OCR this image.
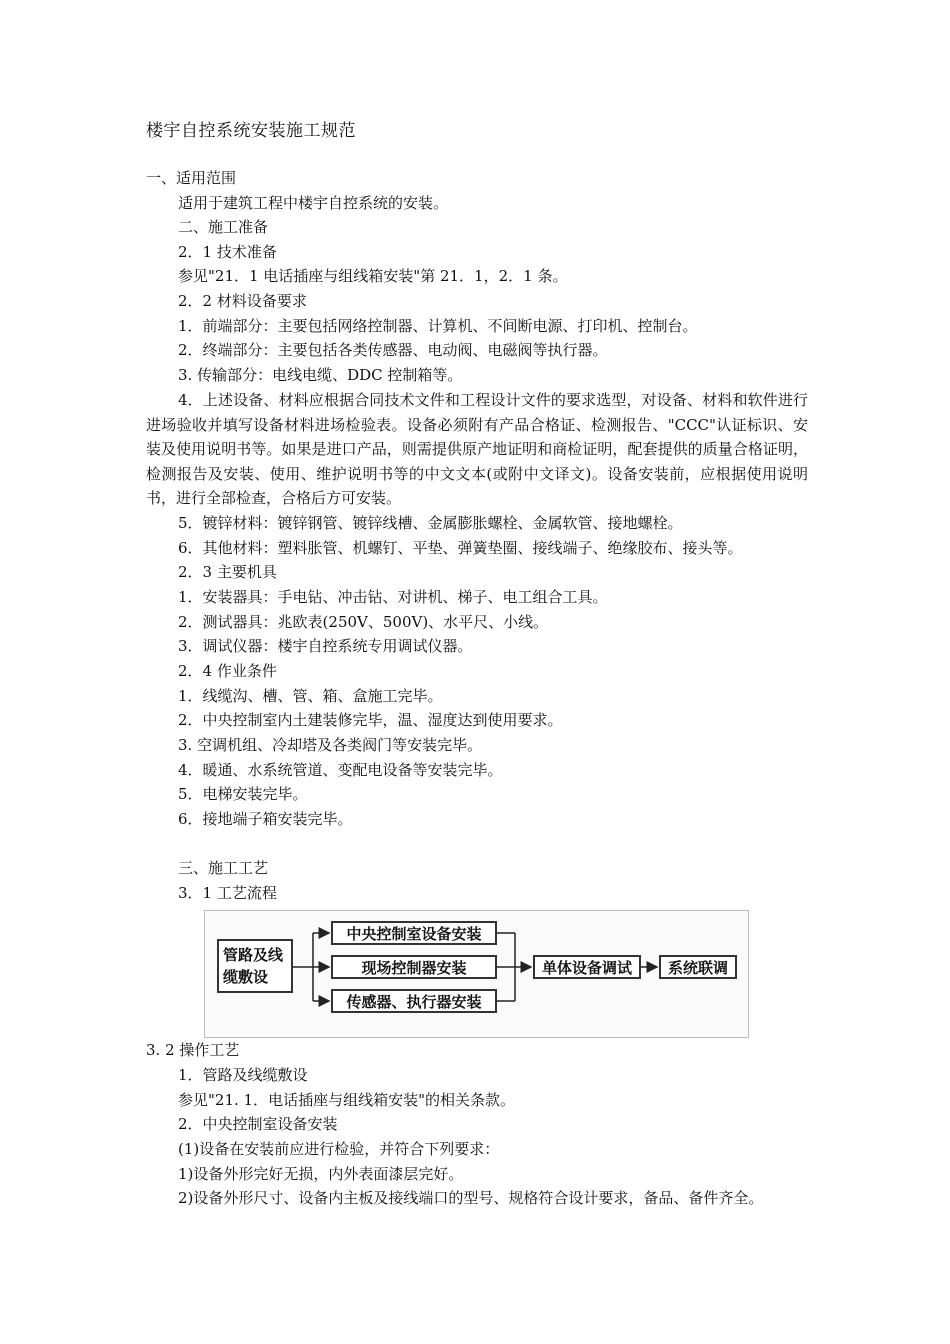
楼宇自控系统安装施工规范
一、适用范围
适用于建筑工程中楼宇自控系统的安装。
二、施工准备
2．1 技术准备
参见"21．1 电话插座与组线箱安装"第 21．1，2．1 条。
2．2 材料设备要求
1．前端部分：主要包括网络控制器、计算机、不间断电源、打印机、控制台。
2．终端部分：主要包括各类传感器、电动阀、电磁阀等执行器。
3. 传输部分：电线电缆、DDC 控制箱等。
4．上述设备、材料应根据合同技术文件和工程设计文件的要求选型，对设备、材料和软件进行进场验收并填写设备材料进场检验表。设备必须附有产品合格证、检测报告、"CCC"认证标识、安装及使用说明书等。如果是进口产品，则需提供原产地证明和商检证明，配套提供的质量合格证明，检测报告及安装、使用、维护说明书等的中文文本(或附中文译文)。设备安装前，应根据使用说明书，进行全部检查，合格后方可安装。
5．镀锌材料：镀锌钢管、镀锌线槽、金属膨胀螺栓、金属软管、接地螺栓。
6．其他材料：塑料胀管、机螺钉、平垫、弹簧垫圈、接线端子、绝缘胶布、接头等。
2．3 主要机具
1．安装器具：手电钻、冲击钻、对讲机、梯子、电工组合工具。
2．测试器具：兆欧表(250V、500V)、水平尺、小线。
3．调试仪器：楼宇自控系统专用调试仪器。
2．4 作业条件
1．线缆沟、槽、管、箱、盒施工完毕。
2．中央控制室内土建装修完毕，温、湿度达到使用要求。
3. 空调机组、冷却塔及各类阀门等安装完毕。
4．暖通、水系统管道、变配电设备等安装完毕。
5．电梯安装完毕。
6．接地端子箱安装完毕。
三、施工工艺
3．1 工艺流程
管路及线
缆敷设
中央控制室设备安装
现场控制器安装
传感器、执行器安装
单体设备调试	系统联调
3. 2 操作工艺
1．管路及线缆敷设
参见"21. 1．电话插座与组线箱安装"的相关条款。
2．中央控制室设备安装
(1)设备在安装前应进行检验，并符合下列要求：
1)设备外形完好无损，内外表面漆层完好。
2)设备外形尺寸、设备内主板及接线端口的型号、规格符合设计要求，备品、备件齐全。
